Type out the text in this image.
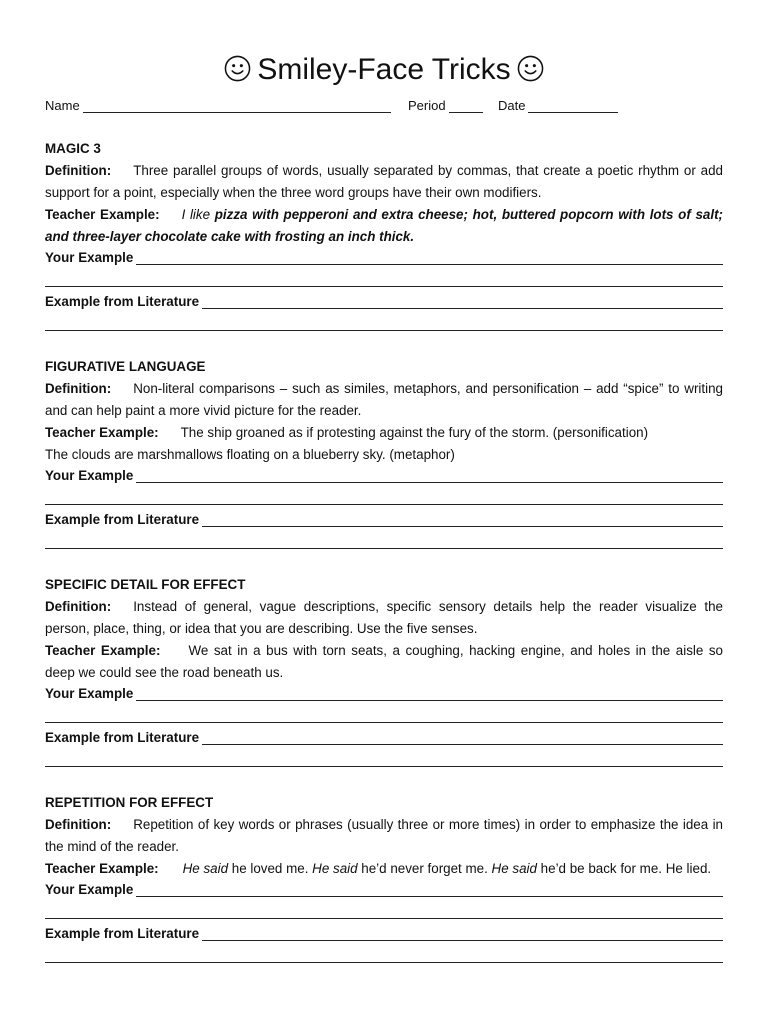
Smiley-Face Tricks
Name	Period	Date
MAGIC 3
Definition: Three parallel groups of words, usually separated by commas, that create a poetic rhythm or add support for a point, especially when the three word groups have their own modifiers.
Teacher Example: I like pizza with pepperoni and extra cheese; hot, buttered popcorn with lots of salt; and three-layer chocolate cake with frosting an inch thick.
Your Example
Example from Literature
FIGURATIVE LANGUAGE
Definition: Non-literal comparisons – such as similes, metaphors, and personification – add “spice” to writing and can help paint a more vivid picture for the reader.
Teacher Example: The ship groaned as if protesting against the fury of the storm. (personification)
The clouds are marshmallows floating on a blueberry sky. (metaphor)
Your Example
Example from Literature
SPECIFIC DETAIL FOR EFFECT
Definition: Instead of general, vague descriptions, specific sensory details help the reader visualize the person, place, thing, or idea that you are describing. Use the five senses.
Teacher Example: We sat in a bus with torn seats, a coughing, hacking engine, and holes in the aisle so deep we could see the road beneath us.
Your Example
Example from Literature
REPETITION FOR EFFECT
Definition: Repetition of key words or phrases (usually three or more times) in order to emphasize the idea in the mind of the reader.
Teacher Example: He said he loved me. He said he’d never forget me. He said he’d be back for me. He lied.
Your Example
Example from Literature
